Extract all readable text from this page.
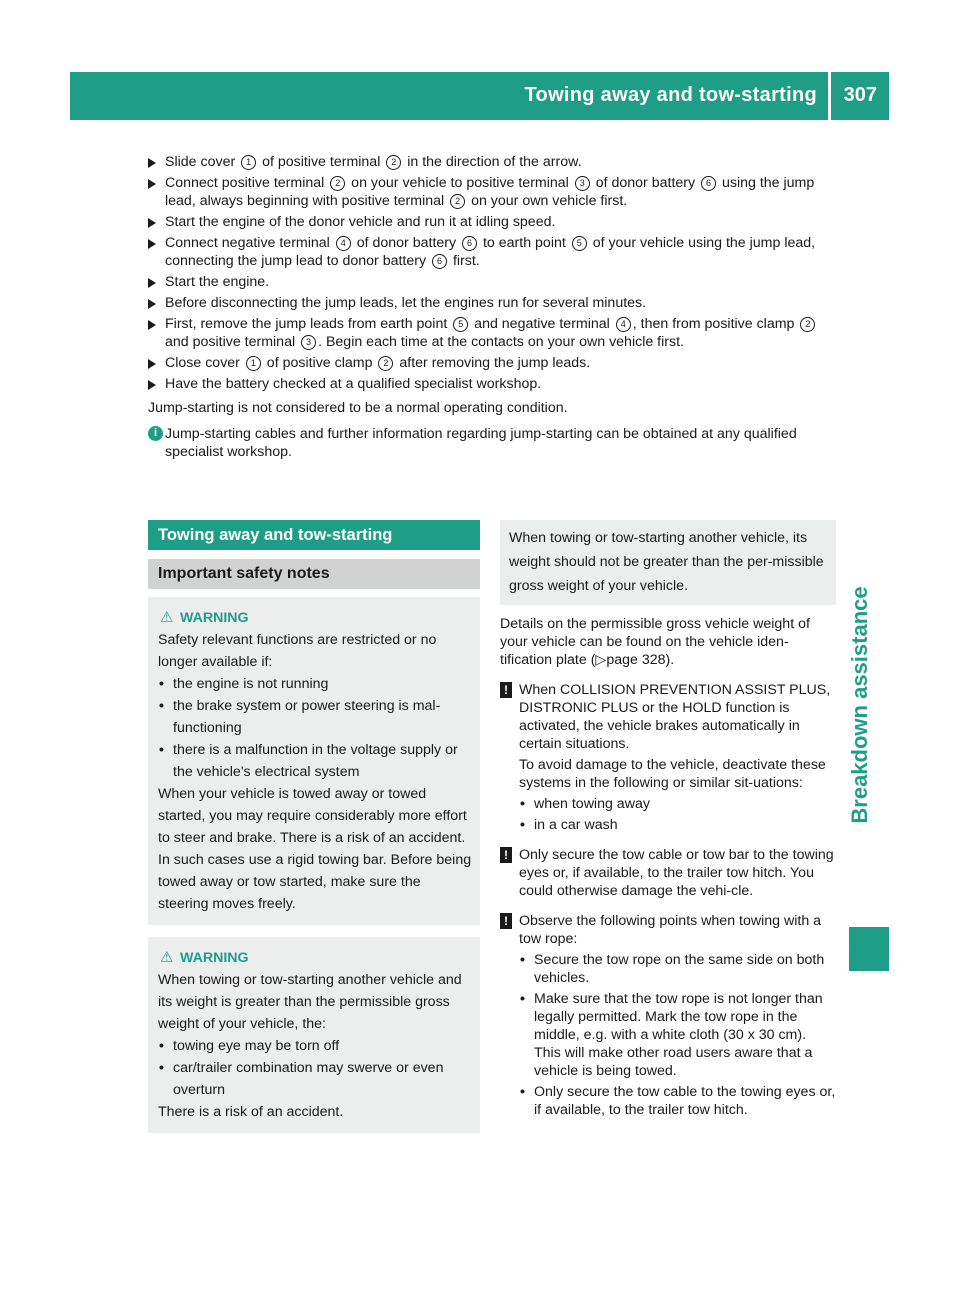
Towing away and tow-starting 307
Breakdown assistance
Slide cover 1 of positive terminal 2 in the direction of the arrow.
Connect positive terminal 2 on your vehicle to positive terminal 3 of donor battery 6 using the jump lead, always beginning with positive terminal 2 on your own vehicle first.
Start the engine of the donor vehicle and run it at idling speed.
Connect negative terminal 4 of donor battery 6 to earth point 5 of your vehicle using the jump lead, connecting the jump lead to donor battery 6 first.
Start the engine.
Before disconnecting the jump leads, let the engines run for several minutes.
First, remove the jump leads from earth point 5 and negative terminal 4 , then from positive clamp 2 and positive terminal 3 . Begin each time at the contacts on your own vehicle first.
Close cover 1 of positive clamp 2 after removing the jump leads.
Have the battery checked at a qualified specialist workshop.

Jump-starting is not considered to be a normal operating condition.

i Jump-starting cables and further information regarding jump-starting can be obtained at any qualified specialist workshop.
Towing away and tow-starting
Important safety notes

⚠ WARNING

Safety relevant functions are restricted or no longer available if:

• the engine is not running

• the brake system or power steering is mal-functioning

• there is a malfunction in the voltage supply or the vehicle's electrical system

When your vehicle is towed away or towed started, you may require considerably more effort to steer and brake. There is a risk of an accident.

In such cases use a rigid towing bar. Before being towed away or tow started, make sure the steering moves freely.

⚠ WARNING

When towing or tow-starting another vehicle and its weight is greater than the permissible gross weight of your vehicle, the:

• towing eye may be torn off

• car/trailer combination may swerve or even overturn

There is a risk of an accident.

When towing or tow-starting another vehicle, its weight should not be greater than the per-missible gross weight of your vehicle.

Details on the permissible gross vehicle weight of your vehicle can be found on the vehicle iden-tification plate (▷page 328).

! When COLLISION PREVENTION ASSIST PLUS, DISTRONIC PLUS or the HOLD function is activated, the vehicle brakes automatically in certain situations.

To avoid damage to the vehicle, deactivate these systems in the following or similar sit-uations:

• when towing away
• in a car wash
! Only secure the tow cable or tow bar to the towing eyes or, if available, to the trailer tow hitch. You could otherwise damage the vehi-cle.

! Observe the following points when towing with a tow rope:

• Secure the tow rope on the same side on both vehicles.
• Make sure that the tow rope is not longer than legally permitted. Mark the tow rope in the middle, e.g. with a white cloth (30 x 30 cm). This will make other road users aware that a vehicle is being towed.
• Only secure the tow cable to the towing eyes or, if available, to the trailer tow hitch.
